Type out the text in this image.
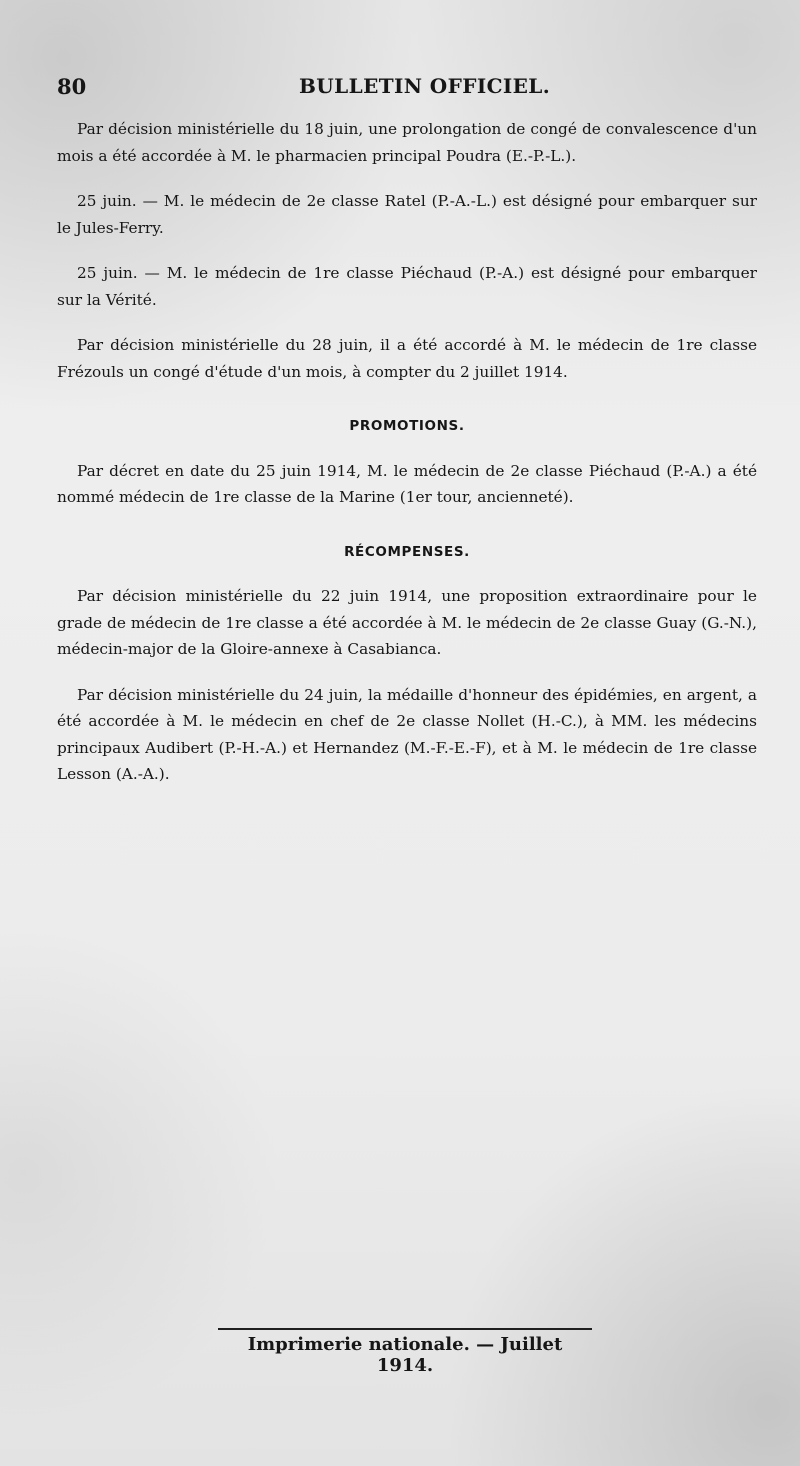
80	BULLETIN OFFICIEL.

Par décision ministérielle du 18 juin, une prolongation de congé de convalescence d'un mois a été accordée à M. le pharmacien principal Poudra (E.-P.-L.).

25 juin. — M. le médecin de 2e classe Ratel (P.-A.-L.) est désigné pour embarquer sur le Jules-Ferry.

25 juin. — M. le médecin de 1re classe Piéchaud (P.-A.) est désigné pour embarquer sur la Vérité.

Par décision ministérielle du 28 juin, il a été accordé à M. le médecin de 1re classe Frézouls un congé d'étude d'un mois, à compter du 2 juillet 1914.

PROMOTIONS.

Par décret en date du 25 juin 1914, M. le médecin de 2e classe Piéchaud (P.-A.) a été nommé médecin de 1re classe de la Marine (1er tour, ancienneté).

RÉCOMPENSES.

Par décision ministérielle du 22 juin 1914, une proposition extraordinaire pour le grade de médecin de 1re classe a été accordée à M. le médecin de 2e classe Guay (G.-N.), médecin-major de la Gloire-annexe à Casabianca.

Par décision ministérielle du 24 juin, la médaille d'honneur des épidémies, en argent, a été accordée à M. le médecin en chef de 2e classe Nollet (H.-C.), à MM. les médecins principaux Audibert (P.-H.-A.) et Hernandez (M.-F.-E.-F), et à M. le médecin de 1re classe Lesson (A.-A.).

Imprimerie nationale. — Juillet 1914.
